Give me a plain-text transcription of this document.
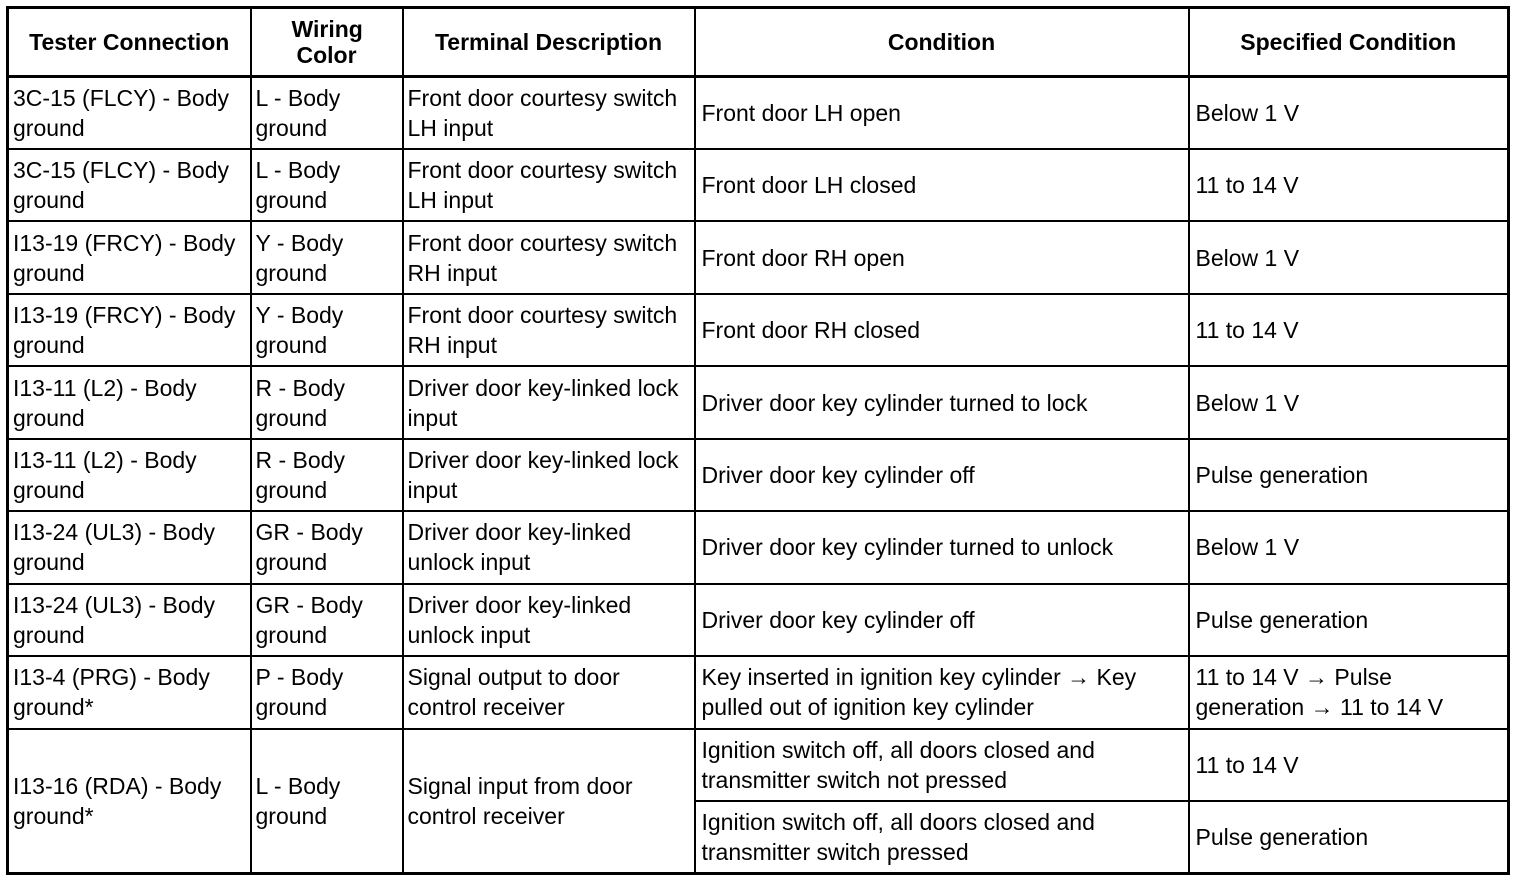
Tester Connection	Wiring Color	Terminal Description	Condition	Specified Condition
3C-15 (FLCY) - Body ground	L - Body ground	Front door courtesy switch LH input	Front door LH open	Below 1 V
3C-15 (FLCY) - Body ground	L - Body ground	Front door courtesy switch LH input	Front door LH closed	11 to 14 V
I13-19 (FRCY) - Body ground	Y - Body ground	Front door courtesy switch RH input	Front door RH open	Below 1 V
I13-19 (FRCY) - Body ground	Y - Body ground	Front door courtesy switch RH input	Front door RH closed	11 to 14 V
I13-11 (L2) - Body ground	R - Body ground	Driver door key-linked lock input	Driver door key cylinder turned to lock	Below 1 V
I13-11 (L2) - Body ground	R - Body ground	Driver door key-linked lock input	Driver door key cylinder off	Pulse generation
I13-24 (UL3) - Body ground	GR - Body ground	Driver door key-linked unlock input	Driver door key cylinder turned to unlock	Below 1 V
I13-24 (UL3) - Body ground	GR - Body ground	Driver door key-linked unlock input	Driver door key cylinder off	Pulse generation
I13-4 (PRG) - Body ground*	P - Body ground	Signal output to door control receiver	Key inserted in ignition key cylinder → Key pulled out of ignition key cylinder	11 to 14 V → Pulse generation → 11 to 14 V
I13-16 (RDA) - Body ground*	L - Body ground	Signal input from door control receiver	Ignition switch off, all doors closed and transmitter switch not pressed	11 to 14 V
			Ignition switch off, all doors closed and transmitter switch pressed	Pulse generation
